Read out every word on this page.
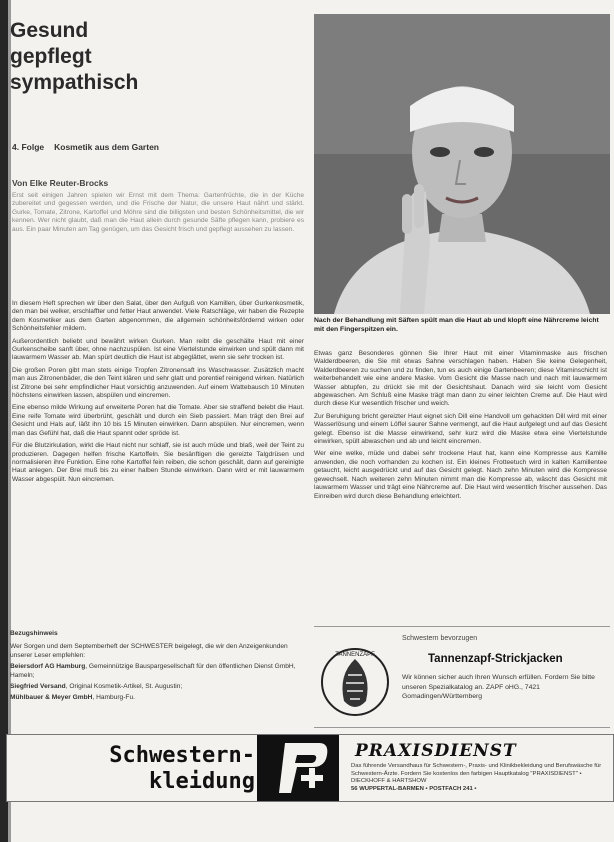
Gesund
gepflegt
sympathisch
4. Folge Kosmetik aus dem Garten
Von Elke Reuter-Brocks

Erst seit einigen Jahren spielen wir Ernst mit dem Thema: Gartenfrüchte, die in der Küche zubereitet und gegessen werden, und die Frische der Natur, die unsere Haut nährt und stärkt. Gurke, Tomate, Zitrone, Kartoffel und Möhre sind die billigsten und besten Schönheitsmittel, die wir kennen. Wer nicht glaubt, daß man die Haut allein durch gesunde Säfte pflegen kann, probiere es aus. Ein paar Minuten am Tag genügen, um das Gesicht frisch und gepflegt aussehen zu lassen.

Nach der Behandlung mit Säften spült man die Haut ab und klopft eine Nährcreme leicht mit den Fingerspitzen ein.

In diesem Heft sprechen wir über den Salat, über den Aufguß von Kamillen, über Gurkenkosmetik, den man bei welker, erschlaffter und fetter Haut anwendet. Viele Ratschläge, wir haben die Rezepte dem Kosmetiker aus dem Garten abgenommen, die allgemein schönheitsfördernd wirken oder Schönheitsfehler mildern.

Außerordentlich beliebt und bewährt wirken Gurken. Man reibt die geschälte Haut mit einer Gurkenscheibe sanft über, ohne nachzuspülen. Ist eine Viertelstunde einwirken und spült dann mit lauwarmem Wasser ab. Man spürt deutlich die Haut ist abgeglättet, wenn sie sehr trocken ist.

Die großen Poren gibt man stets einige Tropfen Zitronensaft ins Waschwasser. Zusätzlich macht man aus Zitronenbäder, die den Teint klären und sehr glatt und porentief reinigend wirken. Natürlich ist Zitrone bei sehr empfindlicher Haut vorsichtig anzuwenden. Auf einem Wattebausch 10 Minuten höchstens einwirken lassen, abspülen und eincremen.

Eine ebenso milde Wirkung auf erweiterte Poren hat die Tomate. Aber sie straffend belebt die Haut. Eine reife Tomate wird überbrüht, geschält und durch ein Sieb passiert. Man trägt den Brei auf Gesicht und Hals auf, läßt ihn 10 bis 15 Minuten einwirken. Dann abspülen. Nur eincremen, wenn man das Gefühl hat, daß die Haut spannt oder spröde ist.

Für die Blutzirkulation, wirkt die Haut nicht nur schlaff, sie ist auch müde und blaß, weil der Teint zu produzieren. Dagegen helfen frische Kartoffeln. Sie besänftigen die gereizte Talgdrüsen und normalisieren ihre Funktion. Eine rohe Kartoffel fein reiben, die schon geschält, dann auf gereinigte Haut anlegen. Der Brei muß bis zu einer halben Stunde einwirken. Dann wird er mit lauwarmem Wasser abgespült. Nun eincremen.

Etwas ganz Besonderes gönnen Sie Ihrer Haut mit einer Vitaminmaske aus frischen Walderdbeeren, die Sie mit etwas Sahne verschlagen haben. Haben Sie keine Gelegenheit, Walderdbeeren zu suchen und zu finden, tun es auch einige Gartenbeeren; diese Vitaminschicht ist weiterbehandelt wie eine andere Maske. Vom Gesicht die Masse nach und nach mit lauwarmem Wasser abtupfen, zu drückt sie mit der Gesichtshaut. Danach wird sie leicht vom Gesicht abgewaschen. Am Schluß eine Maske trägt man dann zu einer leichten Creme auf. Die Haut wird durch diese Kur wesentlich frischer und weich.

Zur Beruhigung bricht gereizter Haut eignet sich Dill eine Handvoll um gehackten Dill wird mit einer Wasserlösung und einem Löffel saurer Sahne vermengt, auf die Haut aufgelegt und auf das Gesicht gelegt. Ebenso ist die Masse einwirkend, sehr kurz wird die Maske etwa eine Viertelstunde einwirken, spült abwaschen und ab und leicht eincremen.

Wer eine welke, müde und dabei sehr trockene Haut hat, kann eine Kompresse aus Kamille anwenden, die noch vorhanden zu kochen ist. Ein kleines Frotteetuch wird in kalten Kamillentee getaucht, leicht ausgedrückt und auf das Gesicht gelegt. Nach zehn Minuten wird die Kompresse gewechselt. Nach weiteren zehn Minuten nimmt man die Kompresse ab, wäscht das Gesicht mit lauwarmem Wasser und trägt eine Nährcreme auf. Die Haut wird wesentlich frischer aussehen. Das Einreiben wird durch diese Behandlung erleichtert.

Bezugshinweis

Wer Sorgen und dem Septemberheft der SCHWESTER beigelegt, die wir den Anzeigenkunden unserer Leser empfehlen:

Beiersdorf AG Hamburg, Gemeinnützige Bauspargesellschaft für den öffentlichen Dienst GmbH, Hameln;

Siegfried Versand, Original Kosmetik-Artikel, St. Augustin;

Mühlbauer & Meyer GmbH, Hamburg-Fu.

TANNENZAPF
Schwestern bevorzugen
Tannenzapf-Strickjacken
Wir können sicher auch Ihren Wunsch erfüllen. Fordern Sie bitte unseren Spezialkatalog an. ZAPF oHG., 7421 Gomadingen/Württemberg
Schwestern-
kleidung
PRAXISDIENST
Das führende Versandhaus für Schwestern-, Praxis- und Klinikbekleidung und Berufswäsche für Schwestern-Ärzte. Fordern Sie kostenlos den farbigen Hauptkatalog "PRAXISDIENST" • DIECKHOFF & HARTSHOW
56 WUPPERTAL-BARMEN • POSTFACH 241 •
